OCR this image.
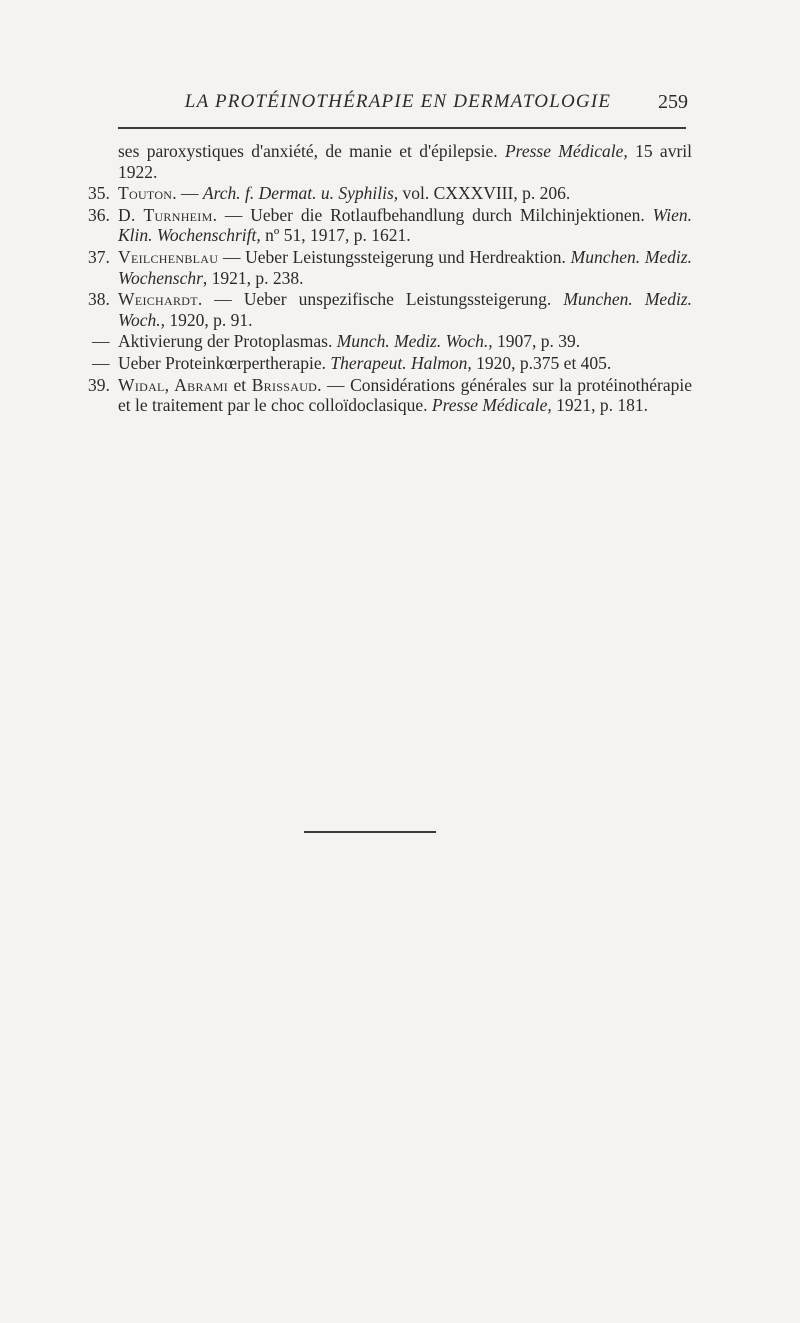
LA PROTÉINOTHÉRAPIE EN DERMATOLOGIE	259
ses paroxystiques d'anxiété, de manie et d'épilepsie. Presse Médicale, 15 avril 1922.
35. Touton. — Arch. f. Dermat. u. Syphilis, vol. CXXXVIII, p. 206.
36. D. Turnheim. — Ueber die Rotlaufbehandlung durch Milchinjektionen. Wien. Klin. Wochenschrift, nº 51, 1917, p. 1621.
37. Veilchenblau — Ueber Leistungssteigerung und Herdreaktion. Munchen. Mediz. Wochenschr, 1921, p. 238.
38. Weichardt. — Ueber unspezifische Leistungssteigerung. Munchen. Mediz. Woch., 1920, p. 91.
— Aktivierung der Protoplasmas. Munch. Mediz. Woch., 1907, p. 39.
— Ueber Proteinkœrpertherapie. Therapeut. Halmon, 1920, p.375 et 405.
39. Widal, Abrami et Brissaud. — Considérations générales sur la protéinothérapie et le traitement par le choc colloïdoclasique. Presse Médicale, 1921, p. 181.
